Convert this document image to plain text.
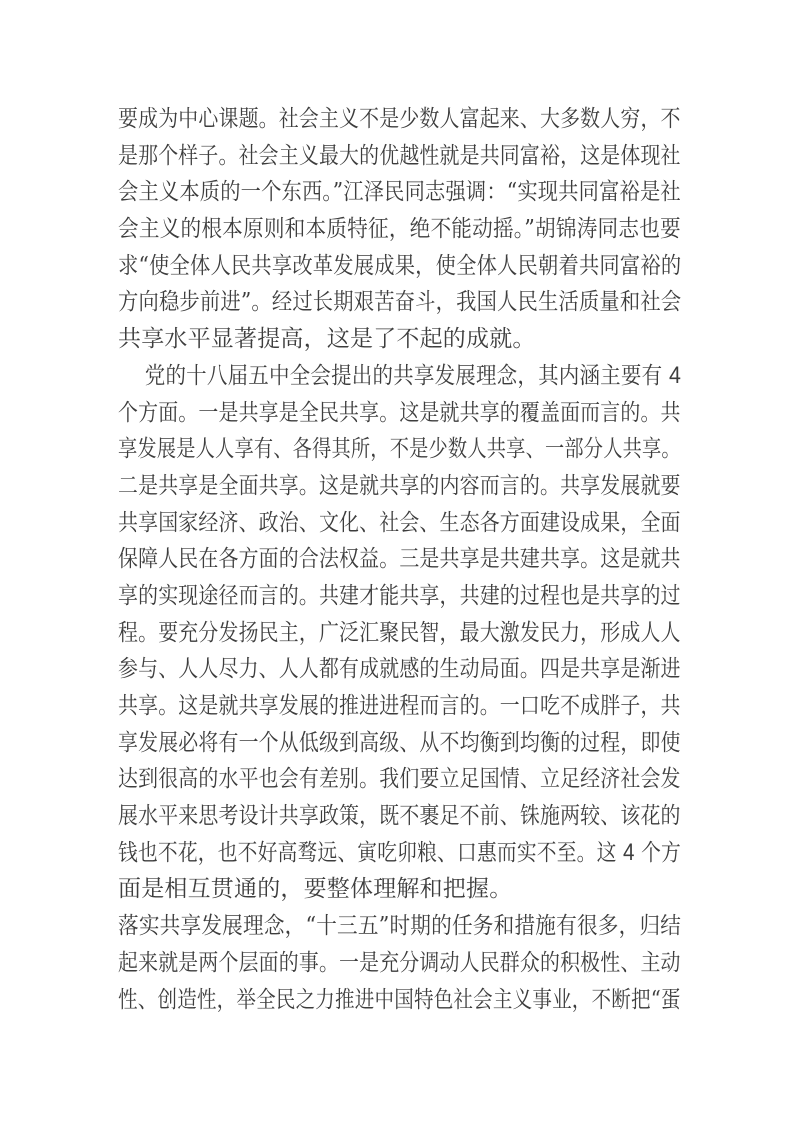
要成为中心课题。社会主义不是少数人富起来、大多数人穷，不
是那个样子。社会主义最大的优越性就是共同富裕，这是体现社
会主义本质的一个东西。”江泽民同志强调：“实现共同富裕是社
会主义的根本原则和本质特征，绝不能动摇。”胡锦涛同志也要
求“使全体人民共享改革发展成果，使全体人民朝着共同富裕的
方向稳步前进”。经过长期艰苦奋斗，我国人民生活质量和社会
共享水平显著提高，这是了不起的成就。
党的十八届五中全会提出的共享发展理念，其内涵主要有 4
个方面。一是共享是全民共享。这是就共享的覆盖面而言的。共
享发展是人人享有、各得其所，不是少数人共享、一部分人共享。
二是共享是全面共享。这是就共享的内容而言的。共享发展就要
共享国家经济、政治、文化、社会、生态各方面建设成果，全面
保障人民在各方面的合法权益。三是共享是共建共享。这是就共
享的实现途径而言的。共建才能共享，共建的过程也是共享的过
程。要充分发扬民主，广泛汇聚民智，最大激发民力，形成人人
参与、人人尽力、人人都有成就感的生动局面。四是共享是渐进
共享。这是就共享发展的推进进程而言的。一口吃不成胖子，共
享发展必将有一个从低级到高级、从不均衡到均衡的过程，即使
达到很高的水平也会有差别。我们要立足国情、立足经济社会发
展水平来思考设计共享政策，既不裹足不前、铢施两较、该花的
钱也不花，也不好高骛远、寅吃卯粮、口惠而实不至。这 4 个方
面是相互贯通的，要整体理解和把握。
落实共享发展理念，“十三五”时期的任务和措施有很多，归结
起来就是两个层面的事。一是充分调动人民群众的积极性、主动
性、创造性，举全民之力推进中国特色社会主义事业，不断把“蛋
